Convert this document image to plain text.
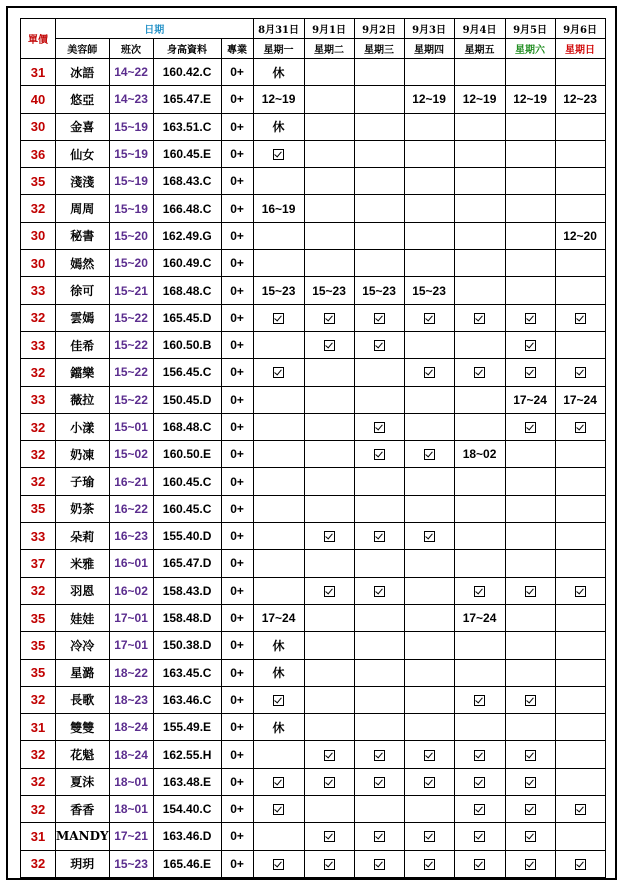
單價	日期				8月31日	9月1日	9月2日	9月3日	9月4日	9月5日	9月6日
	美容師	班次	身高資料	專業	星期一	星期二	星期三	星期四	星期五	星期六	星期日
31	冰語	14~22	160.42.C	0+	休						
40	悠亞	14~23	165.47.E	0+	12~19			12~19	12~19	12~19	12~23
30	金喜	15~19	163.51.C	0+	休						
36	仙女	15~19	160.45.E	0+							
35	淺淺	15~19	168.43.C	0+							
32	周周	15~19	166.48.C	0+	16~19						
30	秘書	15~20	162.49.G	0+							12~20
30	嫣然	15~20	160.49.C	0+							
33	徐可	15~21	168.48.C	0+	15~23	15~23	15~23	15~23			
32	雲嫣	15~22	165.45.D	0+							
33	佳希	15~22	160.50.B	0+							
32	鐺樂	15~22	156.45.C	0+							
33	薇拉	15~22	150.45.D	0+						17~24	17~24
32	小漾	15~01	168.48.C	0+							
32	奶凍	15~02	160.50.E	0+					18~02		
32	子瑜	16~21	160.45.C	0+							
35	奶茶	16~22	160.45.C	0+							
33	朵莉	16~23	155.40.D	0+							
37	米雅	16~01	165.47.D	0+							
32	羽恩	16~02	158.43.D	0+							
35	娃娃	17~01	158.48.D	0+	17~24				17~24		
35	冷冷	17~01	150.38.D	0+	休						
35	星潞	18~22	163.45.C	0+	休						
32	長歌	18~23	163.46.C	0+							
31	雙雙	18~24	155.49.E	0+	休						
32	花魁	18~24	162.55.H	0+							
32	夏沫	18~01	163.48.E	0+							
32	香香	18~01	154.40.C	0+							
31	MANDY	17~21	163.46.D	0+							
32	玥玥	15~23	165.46.E	0+							
